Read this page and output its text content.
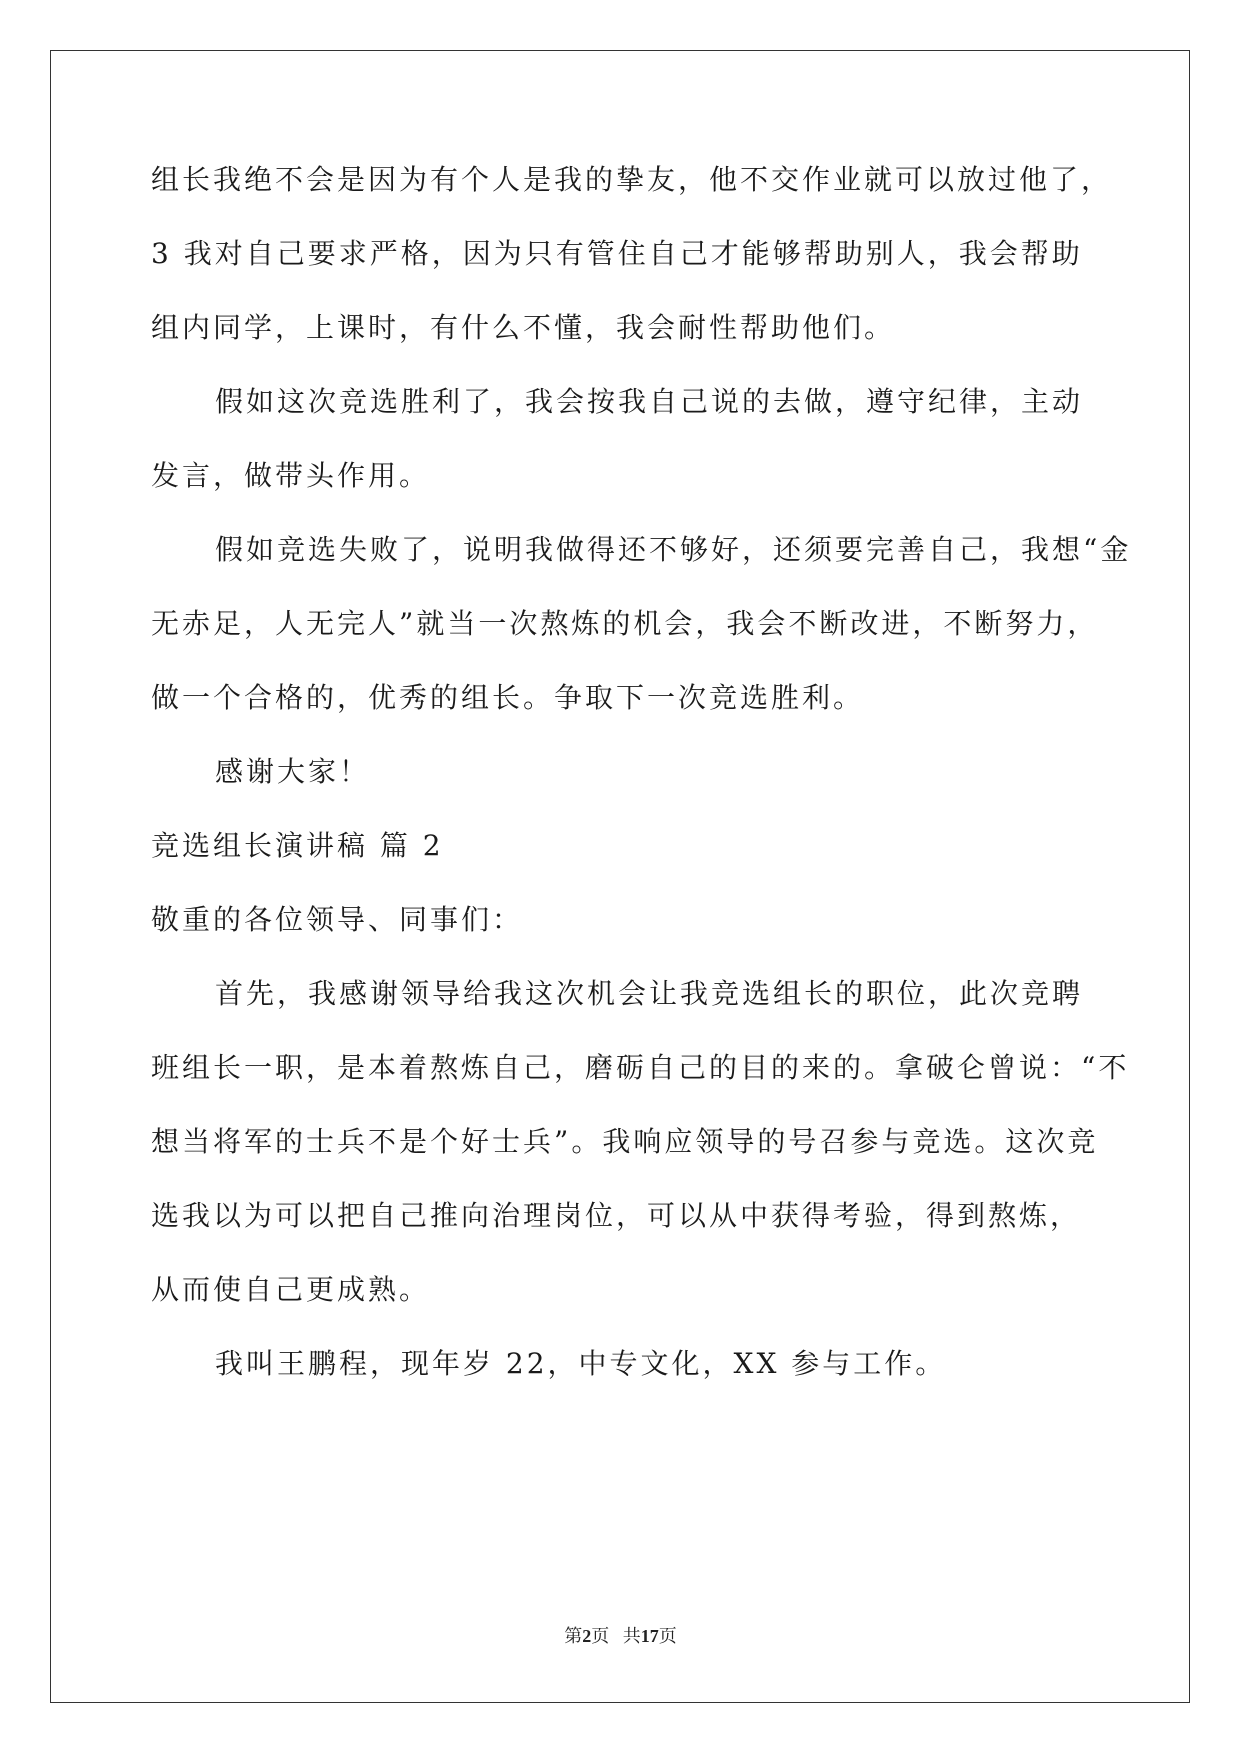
组长我绝不会是因为有个人是我的挚友，他不交作业就可以放过他了，
3 我对自己要求严格，因为只有管住自己才能够帮助别人，我会帮助
组内同学，上课时，有什么不懂，我会耐性帮助他们。
假如这次竞选胜利了，我会按我自己说的去做，遵守纪律，主动
发言，做带头作用。
假如竞选失败了，说明我做得还不够好，还须要完善自己，我想“金
无赤足，人无完人”就当一次熬炼的机会，我会不断改进，不断努力，
做一个合格的，优秀的组长。争取下一次竞选胜利。
感谢大家！
竞选组长演讲稿 篇 2
敬重的各位领导、同事们：
首先，我感谢领导给我这次机会让我竞选组长的职位，此次竞聘
班组长一职，是本着熬炼自己，磨砺自己的目的来的。拿破仑曾说：“不
想当将军的士兵不是个好士兵”。我响应领导的号召参与竞选。这次竞
选我以为可以把自己推向治理岗位，可以从中获得考验，得到熬炼，
从而使自己更成熟。
我叫王鹏程，现年岁 22，中专文化，XX 参与工作。
第2页 共17页
